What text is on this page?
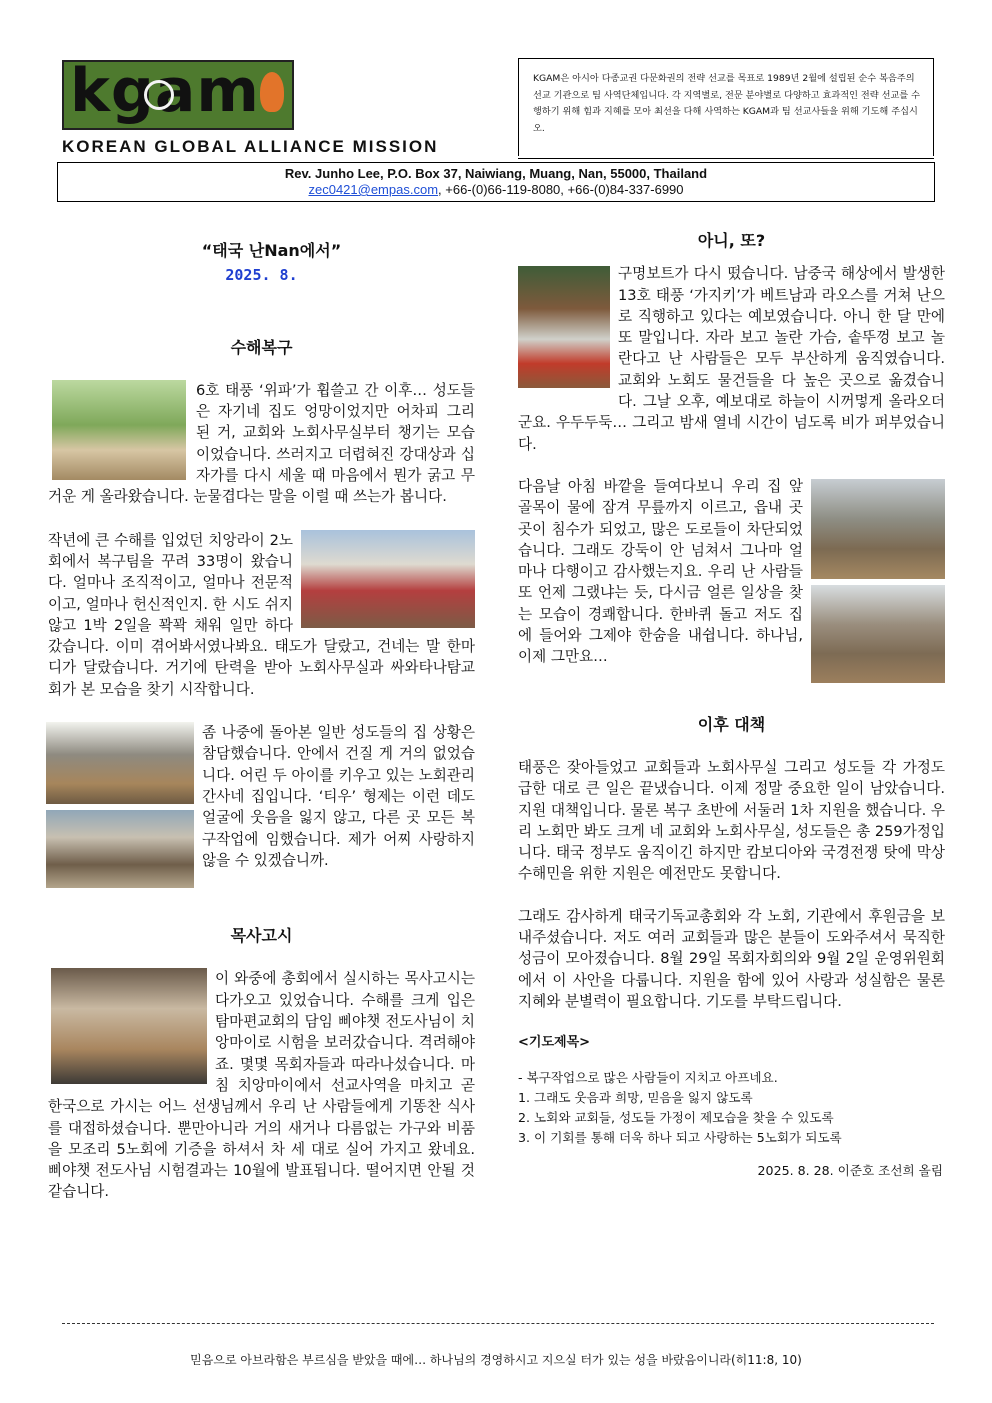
kgam
KOREAN GLOBAL ALLIANCE MISSION
KGAM은 아시아 다종교권 다문화권의 전략 선교를 목표로 1989년 2월에 설립된 순수 복음주의 선교 기관으로 팀 사역단체입니다. 각 지역별로, 전문 분야별로 다양하고 효과적인 전략 선교를 수행하기 위해 힘과 지혜를 모아 최선을 다해 사역하는 KGAM과 팀 선교사들을 위해 기도해 주십시오.
Rev. Junho Lee, P.O. Box 37, Naiwiang, Muang, Nan, 55000, Thailand
zec0421@empas.com, +66-(0)66-119-8080, +66-(0)84-337-6990
“태국 난Nan에서”
2025. 8.
수해복구

6호 태풍 ‘위파’가 휩쓸고 간 이후… 성도들은 자기네 집도 엉망이었지만 어차피 그리 된 거, 교회와 노회사무실부터 챙기는 모습이었습니다. 쓰러지고 더렵혀진 강대상과 십자가를 다시 세울 때 마음에서 뭔가 굵고 무거운 게 올라왔습니다. 눈물겹다는 말을 이럴 때 쓰는가 봅니다.

작년에 큰 수해를 입었던 치앙라이 2노회에서 복구팀을 꾸려 33명이 왔습니다. 얼마나 조직적이고, 얼마나 전문적이고, 얼마나 헌신적인지. 한 시도 쉬지 않고 1박 2일을 꽉꽉 채워 일만 하다 갔습니다. 이미 겪어봐서였나봐요. 태도가 달랐고, 건네는 말 한마디가 달랐습니다. 거기에 탄력을 받아 노회사무실과 싸와타나탐교회가 본 모습을 찾기 시작합니다.

좀 나중에 돌아본 일반 성도들의 집 상황은 참담했습니다. 안에서 건질 게 거의 없었습니다. 어린 두 아이를 키우고 있는 노회관리 간사네 집입니다. ‘티우’ 형제는 이런 데도 얼굴에 웃음을 잃지 않고, 다른 곳 모든 복구작업에 임했습니다. 제가 어찌 사랑하지 않을 수 있겠습니까.

목사고시

이 와중에 총회에서 실시하는 목사고시는 다가오고 있었습니다. 수해를 크게 입은 탐마편교회의 담임 삐야챗 전도사님이 치앙마이로 시험을 보러갔습니다. 격려해야죠. 몇몇 목회자들과 따라나섰습니다. 마침 치앙마이에서 선교사역을 마치고 곧 한국으로 가시는 어느 선생님께서 우리 난 사람들에게 기똥찬 식사를 대접하셨습니다. 뿐만아니라 거의 새거나 다름없는 가구와 비품을 모조리 5노회에 기증을 하셔서 차 세 대로 실어 가지고 왔네요. 삐야챗 전도사님 시험결과는 10월에 발표됩니다. 떨어지면 안될 것 같습니다.

아니, 또?

구명보트가 다시 떴습니다. 남중국 해상에서 발생한 13호 태풍 ‘가지키’가 베트남과 라오스를 거쳐 난으로 직행하고 있다는 예보였습니다. 아니 한 달 만에 또 말입니다. 자라 보고 놀란 가슴, 솥뚜껑 보고 놀란다고 난 사람들은 모두 부산하게 움직였습니다. 교회와 노회도 물건들을 다 높은 곳으로 옮겼습니다. 그날 오후, 예보대로 하늘이 시꺼멓게 올라오더군요. 우두두둑… 그리고 밤새 열네 시간이 넘도록 비가 퍼부었습니다.

다음날 아침 바깥을 들여다보니 우리 집 앞 골목이 물에 잠겨 무릎까지 이르고, 읍내 곳곳이 침수가 되었고, 많은 도로들이 차단되었습니다. 그래도 강둑이 안 넘쳐서 그나마 얼마나 다행이고 감사했는지요. 우리 난 사람들 또 언제 그랬냐는 듯, 다시금 얼른 일상을 찾는 모습이 경쾌합니다. 한바퀴 돌고 저도 집에 들어와 그제야 한숨을 내쉽니다. 하나님, 이제 그만요…

이후 대책

태풍은 잦아들었고 교회들과 노회사무실 그리고 성도들 각 가정도 급한 대로 큰 일은 끝냈습니다. 이제 정말 중요한 일이 남았습니다. 지원 대책입니다. 물론 복구 초반에 서둘러 1차 지원을 했습니다. 우리 노회만 봐도 크게 네 교회와 노회사무실, 성도들은 총 259가정입니다. 태국 정부도 움직이긴 하지만 캄보디아와 국경전쟁 탓에 막상 수해민을 위한 지원은 예전만도 못합니다.

그래도 감사하게 태국기독교총회와 각 노회, 기관에서 후원금을 보내주셨습니다. 저도 여러 교회들과 많은 분들이 도와주셔서 묵직한 성금이 모아졌습니다. 8월 29일 목회자회의와 9월 2일 운영위원회에서 이 사안을 다룹니다. 지원을 함에 있어 사랑과 성실함은 물론 지혜와 분별력이 필요합니다. 기도를 부탁드립니다.

<기도제목>
- 복구작업으로 많은 사람들이 지치고 아프네요.
1. 그래도 웃음과 희망, 믿음을 잃지 않도록
2. 노회와 교회들, 성도들 가정이 제모습을 찾을 수 있도록
3. 이 기회를 통해 더욱 하나 되고 사랑하는 5노회가 되도록
2025. 8. 28. 이준호 조선희 올림
믿음으로 아브라함은 부르심을 받았을 때에… 하나님의 경영하시고 지으실 터가 있는 성을 바랐음이니라(히11:8, 10)
